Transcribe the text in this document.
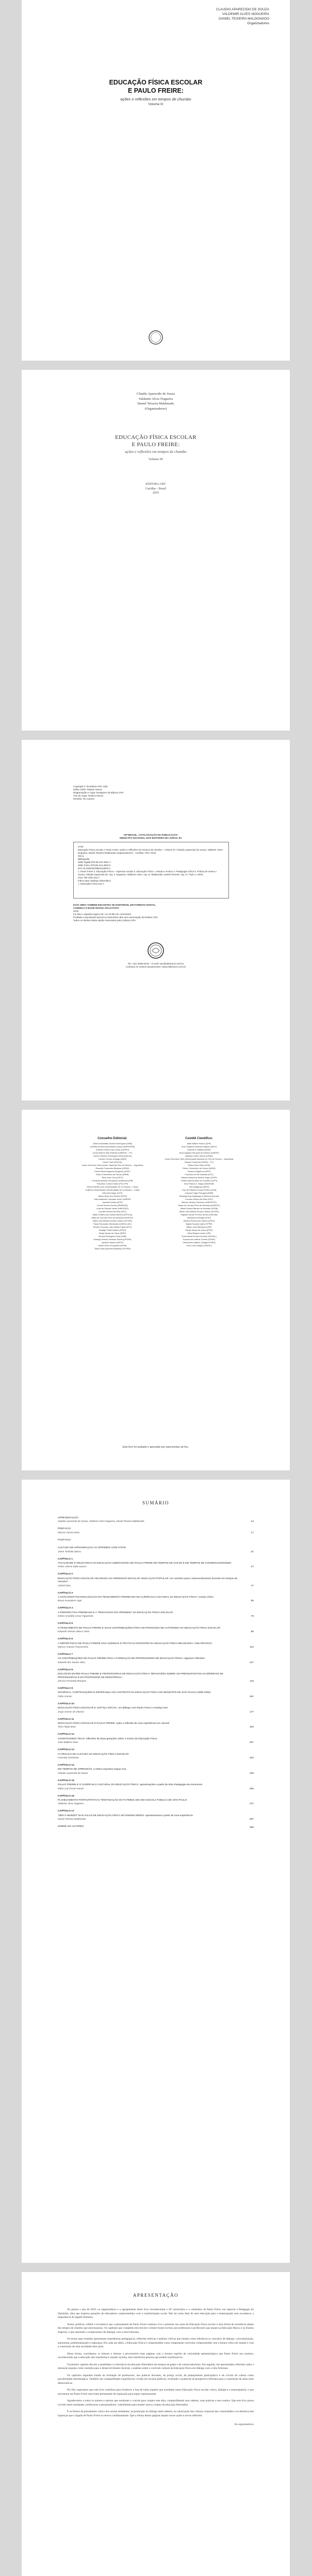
CLAUDIO APARECIDO DE SOUZA
VALDEMIR ALVES NOGUEIRA
DANIEL TEIXEIRA MALDONADO
Organizadores
EDUCAÇÃO FÍSICA ESCOLAR
E PAULO FREIRE:
ações e reflexões em tempos de chumbo
Volume III
Cláudio Aparecido de Souza
Valdemir Alves Nogueira
Daniel Teixeira Maldonado
(Organizadores)
EDUCAÇÃO FÍSICA ESCOLAR
E PAULO FREIRE:
ações e reflexões em tempos de chumbo
Volume III
EDITORA CRV
Curitiba – Brasil
2019
Copyright © da Editora CRV Ltda.
Editor-chefe: Railson Moura
Diagramação e Capa: Designers da Editora CRV
Arte de Capa: Railson Moura
Revisão: Os Autores
CIP-BRASIL. CATALOGAÇÃO-NA-PUBLICAÇÃO
SINDICATO NACIONAL DOS EDITORES DE LIVROS, RJ
S729
Educação Física escolar e Paulo Freire: ações e reflexões em tempos de chumbo – Volume III / Cláudio Aparecido de Souza, Valdemir Alves Nogueira, Daniel Teixeira Maldonado (organizadores) – Curitiba: CRV, 2019.
302 p.
Bibliografia
ISBN Digital 978-85-444-3501-7
ISBN Físico 978-85-444-3500-0
DOI 10.24824/978854443500.0
1. Paulo Freire 2. Educação Física – Aspectos sociais 3. Educação Física – Estudo e ensino 4. Pedagogia crítica 5. Prática de ensino I. Souza, Cláudio Aparecido de. org. II. Nogueira, Valdemir Alves. org. III. Maldonado, Daniel Teixeira. org. IV. Título V. Série.
CDU 796 CDD 613.7
Índice para catálogo sistemático
1. Educação Física 613.7
ESTA OBRA TAMBÉM ENCONTRA-SE DISPONÍVEL EM FORMATO DIGITAL.
CONHEÇA E BAIXE NOSSO APLICATIVO!
2019
Foi feito o depósito legal conf. Lei 10.994 de 14/12/2004
Proibida a reprodução parcial ou total desta obra sem autorização da Editora CRV
Todos os direitos desta edição reservados pela: Editora CRV
Tel.: (41) 3039-6418 – E-mail: sac@editoracrv.com.br
Conheça os nossos lançamentos: www.editoracrv.com.br
Conselho Editorial:
Aldira Guimarães Duarte Domínguez (UNB)
Andréia da Silva Quintanilha Sousa (UNIR/UFRN)
Antônio Pereira Gaio Júnior (UFRRJ)
Carlos Alberto Vilar Estêvão (UMINHO – PT)
Carlos Federico Dominguez Avila (Unieuro)
Carmen Tereza Velanga (UNIR)
Celso Conti (UFSCar)
Cesar Gerónimo Tello (Univer. Nacional Três de Febrero – Argentina)
Eduardo Fernandes Barbosa (UFMG)
Elione Maria Nogueira Diogenes (UFAL)
Elizeu Clementino de Souza (UNEB)
Élsio José Corá (UFFS)
Fernando Antônio Gonçalves Alcoforado (IPB)
Francisco Carlos Duarte (PUC-PR)
Gloria Fariñas León (Universidade de La Havana – Cuba)
Guillermo Arias Beatón (Universidade de La Havana – Cuba)
Helmuth Krüger (UCP)
Jailson Alves dos Santos (UFRJ)
João Adalberto Campato Junior (UNESP)
Josania Portela (UFPI)
Leonel Severo Rocha (UNISINOS)
Lídia de Oliveira Xavier (UNIEURO)
Lourdes Helena da Silva (UFV)
Maria Cristina dos Santos Bezerra (UFSCar)
Maria de Lourdes Pinto de Almeida (UNOESC)
Maria Lília Imbiriba Sousa Colares (UFOPA)
Paulo Romualdo Hernandes (UNIFAL-MG)
Renato Francisco dos Santos Paula (UFG)
Rodrigo Pratte-Santos (UFES)
Sérgio Nunes de Jesus (IFRO)
Simone Rodrigues Pinto (UNB)
Solange Helena Ximenes-Rocha (UFOPA)
Sydione Santos (UEPG)
Tadeu Oliver Gonçalves (UFPA)
Tania Suely Azevedo Brasileiro (UFOPA)
Comitê Científico:
Altair Alberto Fávero (UPF)
Ana Chrystina Venancio Mignot (UERJ)
Andréia N. Militão (UEMS)
Anna Augusta Sampaio de Oliveira (UNESP)
Barbara Coelho Neves (UFBA)
Cesar Gerónimo Tello (Universidad Nacional de Três de Febrero – Argentina)
Diosnel Centurion (UNIDA – PY)
Eliane Rose Maio (UEM)
Elizeu Clementino de Souza (UNEB)
Fauston Negreiros (UFPI)
Francisco Ari de Andrade (UFC)
Gláucia Maria dos Santos Jorge (UFOP)
Helder Buenos Aires de Carvalho (UFPI)
Ilma Passos A. Veiga (UNICEUB)
Inês Bragança (UERJ)
José de Ribamar Sousa Pereira (UCB)
Jussara Fraga Portugal (UNEB)
Kilwangy Kya Kapitango-a-Samba (Unemat)
Lourdes Helena da Silva (UFV)
Marcos Vinicius Francisco (UNOESTE)
Maria de Lourdes Pinto de Almeida (UNOESC)
Maria Eurácia Barreto de Andrade (UFRB)
Maria Lília Imbiriba Sousa Colares (UFOPA)
Míghian Danae Ferreira Nunes (UNILAB)
Mohammed Elhajji (UFRJ)
Mônica Pereira dos Santos (UFRJ)
Najela Tavares Ujiie (UTFPR)
Nilson José Machado (USP)
Sérgio Nunes de Jesus (IFRO)
Silvia Regina Canan (URI)
Sonia Maria Ferreira Koehler (UNISAL)
Suzana dos Santos Gomes (UFMG)
Vânia Alves Martins Chaigar (FURG)
Vera Lucia Gaspar (UDESC)
Este livro foi avaliado e aprovado por pareceristas ad hoc.
SUMÁRIO
APRESENTAÇÃO
Cláudio Aparecido de Souza, Valdemir Alves Nogueira, Daniel Teixeira Maldonado	13
PREFÁCIO
Marcos Garcia Neira	17
POSFÁCIO
CULTURA DE APROXIMAÇÃO AO OPRIMIDO COM FATOS
Jaime Toshiaki Satoru	21
CAPÍTULO 1
ATUALIDADE E RELEVÂNCIA DA EDUCAÇÃO LIBERTADORA DE PAULO FREIRE EM TEMPOS DE GOLPE E EM TEMPOS DE CONSERVADORISMO
Pedro Adorno Dalla Soares	27
CAPÍTULO 2
EDUCAÇÃO FÍSICA ESCOLAR ANCORADA NA OPRESSÃO ESCOLAR: EDUCAÇÃO POPULAR: um caminho para o desenvolvimento docente em tempos de chumbo?
Gabriel Dias	47
CAPÍTULO 3
A ANTICONSTITUCIONALIZAÇÃO DO PENSAMENTO FREIREANO NO CURRÍCULO CULTURAL DA EDUCAÇÃO FÍSICA: ensaio crítico
Bruno Gonçalves Lippi	65
CAPÍTULO 4
A PERSPECTIVA FREIREANA E A "PEDAGOGIA DO OPRIMIDO" NA EDUCAÇÃO FÍSICA ESCOLAR
Edson Amarildo Cesar Figueiredo	79
CAPÍTULO 5
O PENSAMENTO DE PAULO FREIRE E SUAS CONTRIBUIÇÕES PARA UM PROCESSO DE AUTONOMIA NA EDUCAÇÃO FÍSICA ESCOLAR
Eduardo Vinícius Mota e Silva	95
CAPÍTULO 6
A IMPORTÂNCIA DE PAULO FREIRE NAS AGENDAS E PRÁTICAS DOCENTES DA EDUCAÇÃO FÍSICA BRASILEIRA: UMA REVISÃO
Marcos Antonio Franceschini	113
CAPÍTULO 7
AS CONTRIBUIÇÕES DE PAULO FREIRE PARA A FORMAÇÃO DE PROFESSORES DE EDUCAÇÃO FÍSICA: algumas reflexões
Eduardo dos Santos Silva	127
CAPÍTULO 8
DIÁLOGOS ENTRE PAULO FREIRE E PROFESSORAS DE EDUCAÇÃO FÍSICA: REFLEXÕES SOBRE OS PRESSUPOSTOS ACADÊMICOS DE PROFESSORAS E DO PROFESSOR DE RESISTÊNCIA
Jéssica Fernanda Marques	143
CAPÍTULO 9
DOCÊNCIA, CONTRADIÇÕES E ESPERANÇA NO CONTEXTO DA EDUCAÇÃO FÍSICA NO MUNICÍPIO DE SÃO PAULO (1989-1992)
Fábio Gomes	161
CAPÍTULO 10
EDUCAÇÃO FÍSICA ESCOLAR E JUSTIÇA SOCIAL: um diálogo com Paulo Freire e Amartya Sen
Jorge Gomes de Oliveira	177
CAPÍTULO 11
EDUCAÇÃO FÍSICA ESCOLAR E PAULO FREIRE: ação e reflexão de uma experiência em Jacareí
Taíse Rojas Braz	193
CAPÍTULO 12
CONSTRUINDO TEIAS: reflexões de duas gerações sobre o ensino de Educação Física
Joice Balbino Alves	207
CAPÍTULO 13
O CÍRCULO DE CULTURA NA EDUCAÇÃO FÍSICA ESCOLAR
Franciele Sechinato	223
CAPÍTULO 14
EM TEMPOS DE OPRESSÃO: a esfera esportiva segue viva
Cláudio Aparecido de Souza	239
CAPÍTULO 15
PAULO FREIRE E O CURRÍCULO CULTURAL DA EDUCAÇÃO FÍSICA: aproximações a partir da obra Pedagogia da Autonomia
Mário Luiz Ferrari Nunes	255
CAPÍTULO 16
PLANEJAMENTO PARTICIPATIVO E TEMATIZAÇÃO DO FUTEBOL EM UMA ESCOLA PÚBLICA DE SÃO PAULO
Valdemir Alves Nogueira	271
CAPÍTULO 17
"SER O MUNDO" NAS AULAS DE EDUCAÇÃO FÍSICA NO ENSINO MÉDIO: apontamentos a partir de uma experiência
Daniel Teixeira Maldonado	287
SOBRE OS AUTORES	299
APRESENTAÇÃO

Ao pensar o ano de 2019, os organizadores e o agrupamento deste livro reconheceram o 50º aniversário e o centenário de Paulo Freire, em especial a Pedagogia do Oprimido, obra que inspirou gerações de educadores comprometidos com a transformação social. Não há como falar de uma educação para a emancipação sem reconhecer a importância do legado freireano.

Assim, publicar, refletir e reconhecer que o pensamento de Paulo Freire continua vivo e presente nas aulas de Educação Física escolar é uma forma de resistência diante dos tempos de chumbo que atravessamos. Os capítulos que compõem este terceiro volume foram escritos por professoras e professores que atuam na Educação Básica e no Ensino Superior, e que assumem o compromisso de dialogar com a obra freireana.

Os textos aqui reunidos apresentam experiências pedagógicas, reflexões teóricas e análises críticas que tomam como referência os conceitos de diálogo, conscientização, autonomia, problematização e esperança. Em cada um deles, a Educação Física é compreendida como componente curricular comprometido com a leitura crítica do mundo e com a construção de uma sociedade mais justa.

Dessa forma, convidamos os leitores e leitoras a percorrerem estas páginas com o mesmo espírito de curiosidade epistemológica que Paulo Freire nos ensinou, reconhecendo que a educação não transforma o mundo sozinha, mas transforma pessoas que podem transformá-lo.

O primeiro capítulo discute a atualidade e a relevância da educação libertadora em tempos de golpe e de conservadorismo. Em seguida, são apresentadas reflexões sobre a educação popular como caminho para o desenvolvimento docente, e análises sobre o currículo cultural da Educação Física em diálogo com a obra freireana.

Os capítulos seguintes tratam da formação de professores, das práticas docentes, da justiça social, do planejamento participativo e do círculo de cultura como possibilidade metodológica. Também são compartilhadas experiências vividas em escolas públicas, revelando o potencial da perspectiva freireana para a construção de aulas mais democráticas.

Por fim, esperamos que este livro contribua para fortalecer a luta de todos aqueles que acreditam numa Educação Física escolar crítica, dialógica e emancipatória, e que encontram em Paulo Freire uma fonte permanente de inspiração para seguir esperançando.

Agradecemos a todos os autores e autoras que aceitaram o convite para compor esta obra, compartilhando seus saberes, suas práticas e seus sonhos. Que este livro possa circular entre estudantes, professores e pesquisadores, contribuindo para manter acesa a chama da educação libertadora.

É na feitura do pensamento crítico dos nossos estudantes, na promoção do diálogo entre saberes, na valorização das culturas corporais das comunidades e na denúncia das injustiças que o legado de Paulo Freire se renova cotidianamente. Que a leitura destas páginas inspire novas ações e novas reflexões.

Os organizadores
